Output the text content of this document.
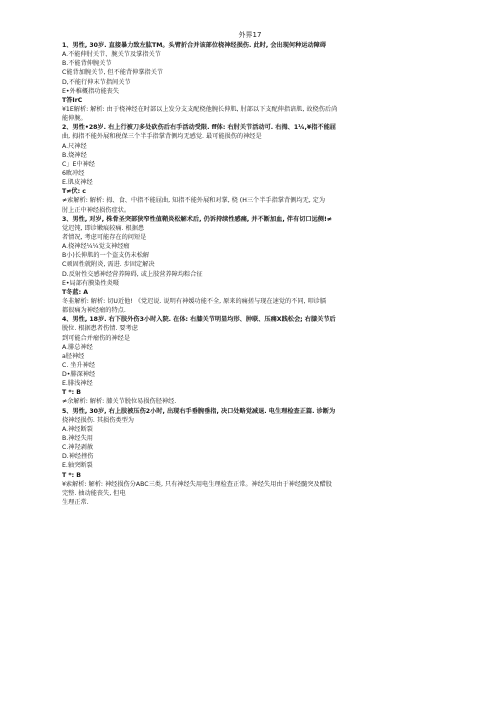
外界17
1、男性, 30岁. 直接暴力致左肱TM。头臂折合并该部位桡神经损伤. 此时, 会出现何种运动障碍
A.不能伸肘关节、腕关节及掌指关节
B.不能背伸腕关节
C能背加腕关节, 但不能背伸掌指关节
D,不能行伸末节指间关节
E•外稚概指功能丧失
T答IrC
¥1E解析: 解析: 由于桡神经在时部以上发分支支配桡他腕长伸肌, 肘部以下支配伸指谙肌, 故桡伤后尚
能伸腕。
2、男性•28岁. 右上行被刀多处砍伤后右手活动受限. ff体: 右肘关节活动可. 右拇、1¼,¥指不能屈
曲, 拇指不能外展和税保三个半手指掌背侧均无感觉. 最可能损伤的神经是
A.尺神经
B.烧神经
C」E中神经
6畋冲经
E.肌皮神经
T≠伏: c
≠索解析: 解析: 拇、食、中指不能屈曲, 知指不能外展和对掌, 桡 (H三个半手指掌背侧均无, 定为
肘上正中神经损伤症状。
3、男性, 对岁, 株骨圣突部狭窄性值鞘炎松解术后, 仍诉持续性感痛, 并不断加血, 伴有切口远侧!≠
觉迟钝, 即诊嫩痕较痛. 根据患
者情况, 考虑可能存在的问短是
A.挠神经¼¼觉支神经瘤
B小)长伸肌的一个盗支仍未松解
C顽固性就附炎, 需进. 步固定解决
D.反射性交感神经营养障碍, 或上肢营养障均粽合征
E•局部有膜染性炎嗫
T冬蓝: A
冬韭解析: 解析: 切U近他! 《党迟说. 说明有神媛功能不全, 原来的痛搓与现在速觉的不同, 叩诊膈
都很痛为神经瘤的特点.
4、男性, 18岁. 右下肢外伤3小时入院. 在体: 右膝关节明显均形、肿联、压痛X践松会; 右膝关节后
脱位. 根据患者伤情. 要考虑
到可能合并瘤伤的神经是
A.腓总神经
a胫神经
C. 坐升神经
D•腓深神经
E.腓浅神经
T *: B
≠余解析: 解析: 膝关节脱位易损伤胫神经.
5、男性, 30岁, 右上肢被压伤2小时, 出现右手垂腕垂指, 决口处略觉减退. 电生理检查正篇. 诊断为
挠神经损伤. 其损伤类型为
A.神经断裂
B.神经失用
C.神羟剥赦
D.神经挫伤
E.轴突断裂
T *: B
¥索解析: 解析: 神经损伤分ABC三类, 只有神经失用电生理检查正常。神经失用由于神经髓突及醋股
完整. 抽动能丧失, 但电
生理正常.
